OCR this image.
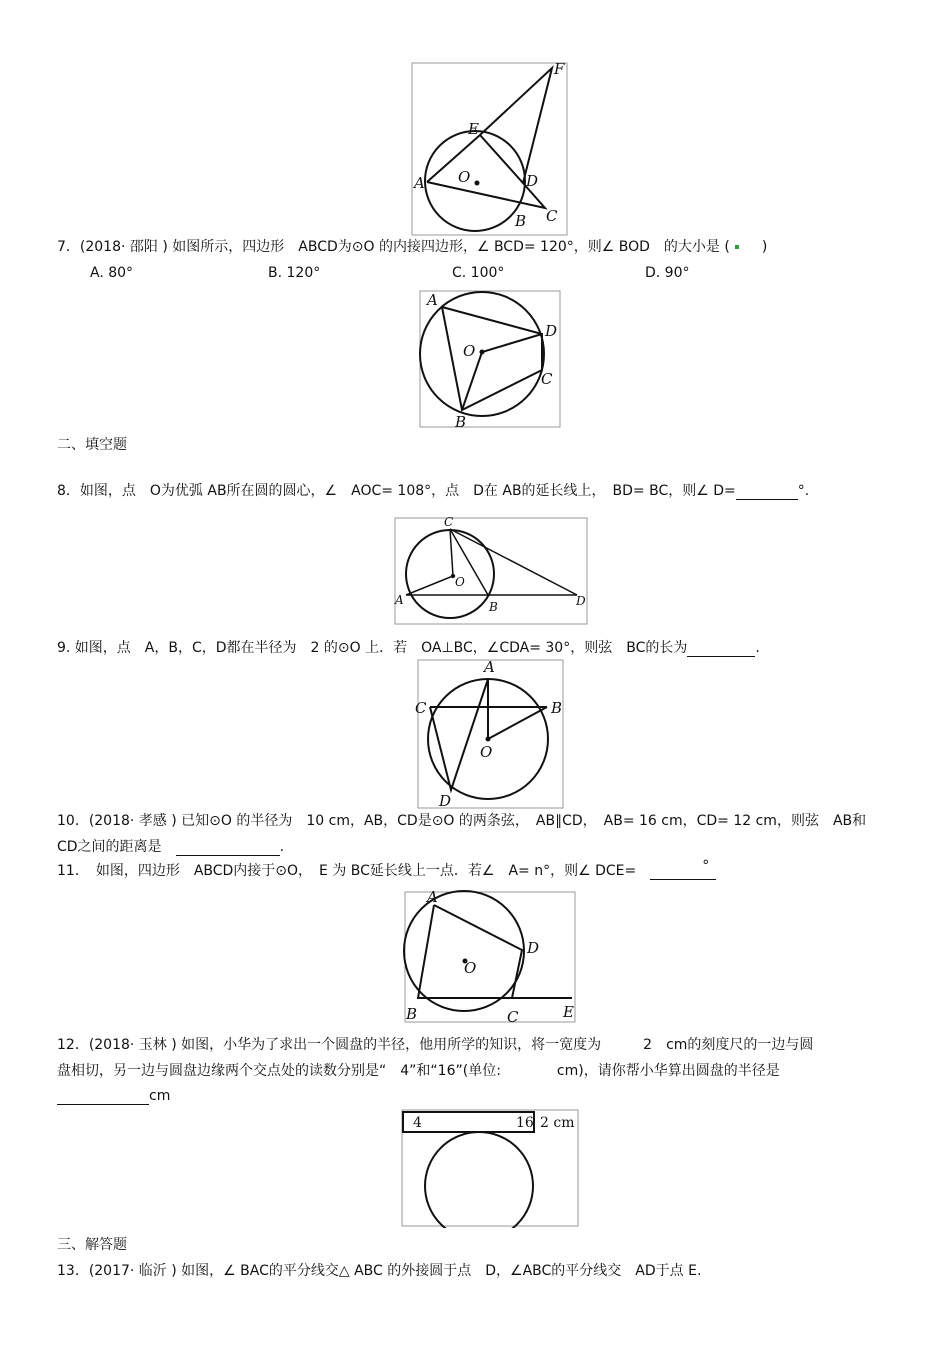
A
E
F
O	D
B C
7．(2018· 邵阳 ) 如图所示，四边形　ABCD为⊙O 的内接四边形，∠ BCD= 120°，则∠ BOD　的大小是 ( )
A. 80°	B. 120°	C. 100°	D. 90°
A
D
O
C
B
二、填空题
8．如图，点　O为优弧 AB所在圆的圆心，∠　AOC= 108°，点　D在 AB的延长线上，　BD= BC，则∠ D=	°.
C
O
A	B	D
9. 如图，点　A，B，C，D都在半径为　2 的⊙O 上．若　OA⊥BC，∠CDA= 30°，则弦　BC的长为	.
A
C	B
O
D
10．(2018· 孝感 ) 已知⊙O 的半径为　10 cm，AB，CD是⊙O 的两条弦，　AB∥CD，　AB= 16 cm，CD= 12 cm，则弦　AB和
CD之间的距离是　	.
11．　如图，四边形　ABCD内接于⊙O，　E 为 BC延长线上一点．若∠　A= n°，则∠ DCE=　	°

A
D
O
B	C	E
12．(2018· 玉林 ) 如图，小华为了求出一个圆盘的半径，他用所学的知识，将一宽度为　　　2　cm的刻度尺的一边与圆
盘相切，另一边与圆盘边缘两个交点处的读数分别是“　4”和“16”(单位:　　　　cm)，请你帮小华算出圆盘的半径是
cm
4	16 2 cm
三、解答题
13．(2017· 临沂 ) 如图，∠ BAC的平分线交△ ABC 的外接圆于点　D，∠ABC的平分线交　AD于点 E.
